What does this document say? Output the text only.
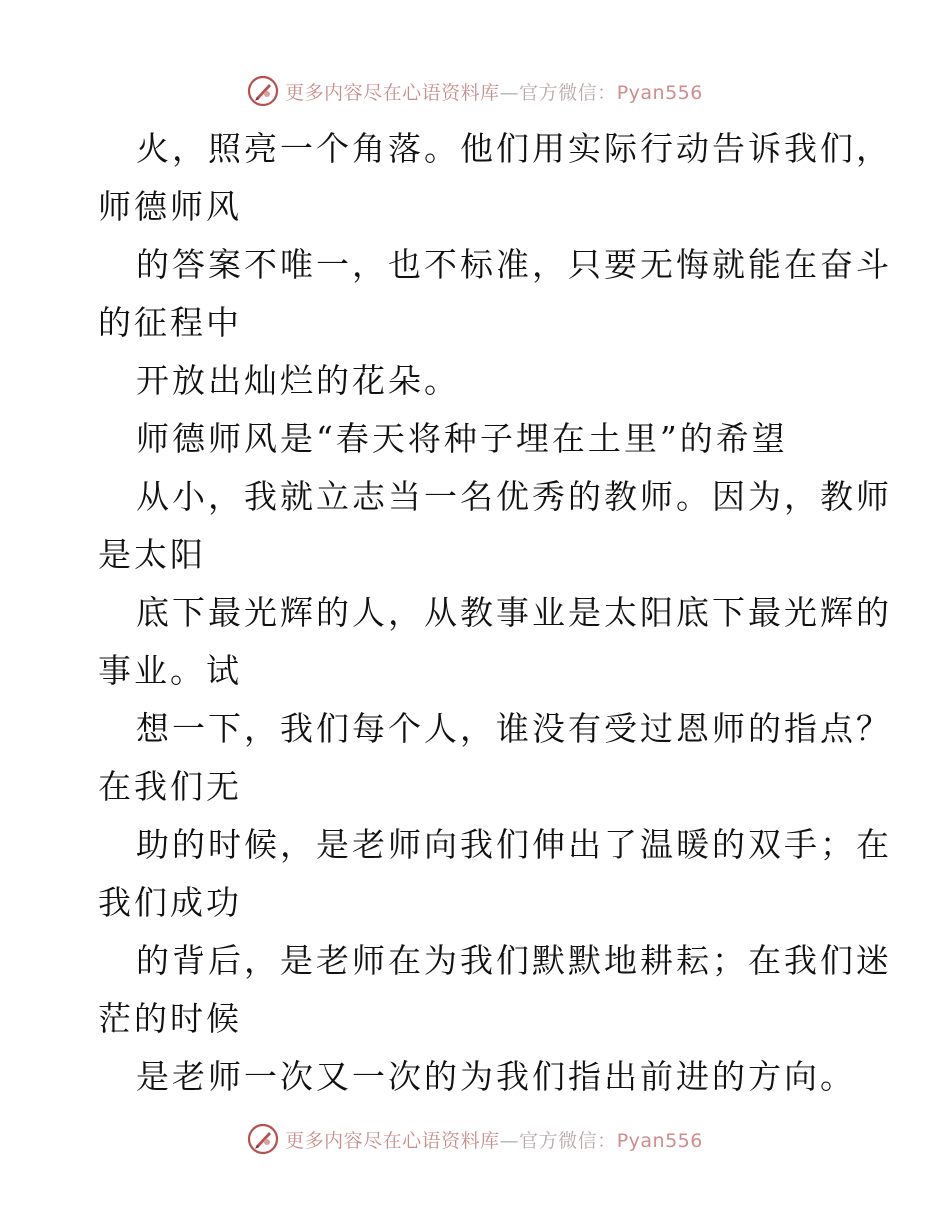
更多内容尽在心语资料库—官方微信：Pyan556
火，照亮一个角落。他们用实际行动告诉我们，
师德师风
的答案不唯一，也不标准，只要无悔就能在奋斗
的征程中
开放出灿烂的花朵。
师德师风是“春天将种子埋在土里”的希望
从小，我就立志当一名优秀的教师。因为，教师
是太阳
底下最光辉的人，从教事业是太阳底下最光辉的
事业。试
想一下，我们每个人，谁没有受过恩师的指点？
在我们无
助的时候，是老师向我们伸出了温暖的双手；在
我们成功
的背后，是老师在为我们默默地耕耘；在我们迷
茫的时候
是老师一次又一次的为我们指出前进的方向。
更多内容尽在心语资料库—官方微信：Pyan556
